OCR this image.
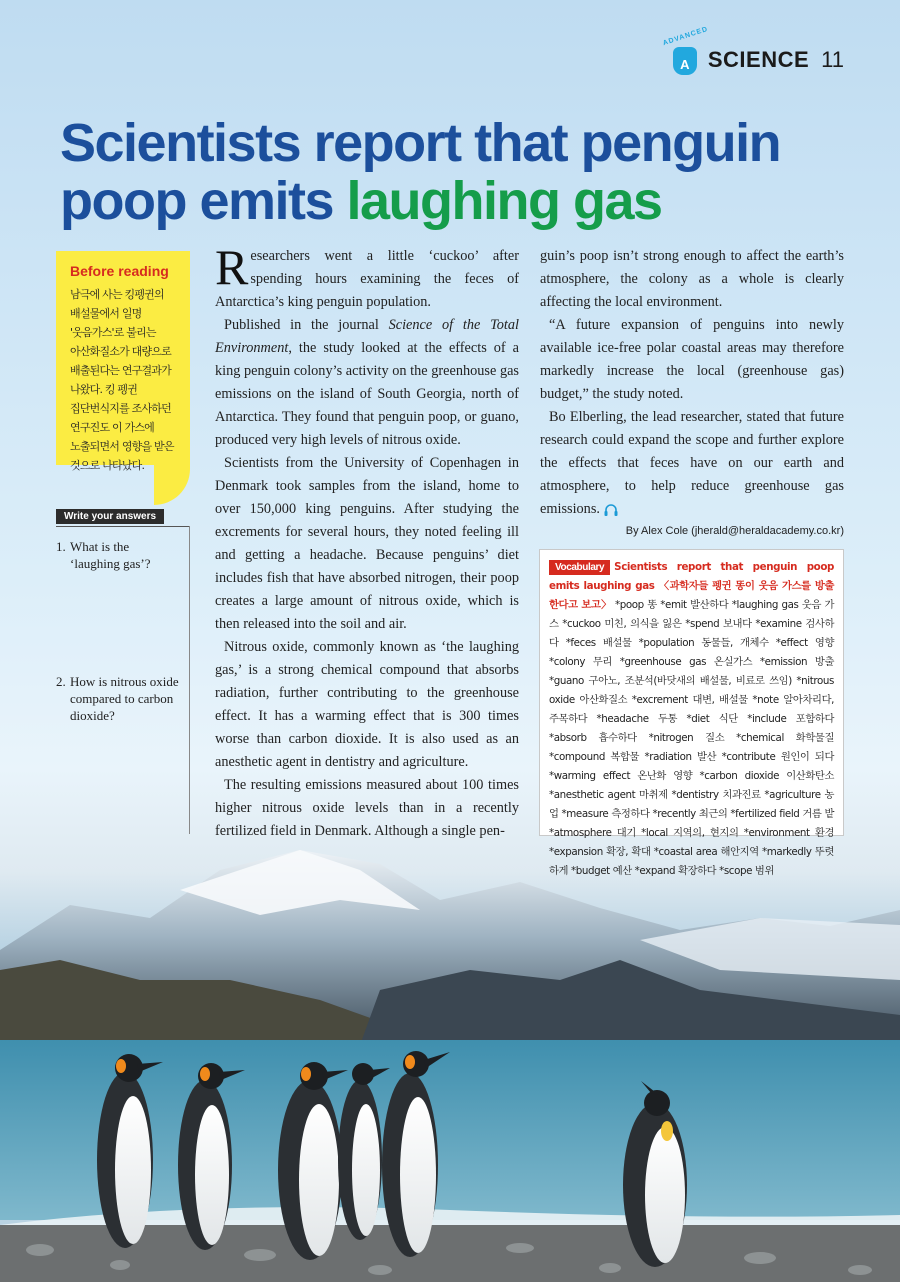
ADVANCED
A SCIENCE 11
Scientists report that penguin poop emits laughing gas
Before reading

남극에 사는 킹펭귄의
배설물에서 일명
'웃음가스'로 불리는
아산화질소가 대량으로
배출된다는 연구결과가
나왔다. 킹 펭귄
집단번식지를 조사하던
연구진도 이 가스에
노출되면서 영향을 받은
것으로 나타났다.

Write your answers
1. What is the ‘laughing gas’?
2. How is nitrous oxide compared to carbon dioxide?

Researchers went a little ‘cuckoo’ after spending hours examining the feces of Antarctica’s king penguin population.

Published in the journal Science of the Total Environment, the study looked at the effects of a king penguin colony’s activity on the greenhouse gas emissions on the island of South Georgia, north of Antarctica. They found that penguin poop, or guano, produced very high levels of nitrous oxide.

Scientists from the University of Copenhagen in Denmark took samples from the island, home to over 150,000 king penguins. After studying the excrements for several hours, they noted feeling ill and getting a headache. Because penguins’ diet includes fish that have absorbed nitrogen, their poop creates a large amount of nitrous oxide, which is then released into the soil and air.

Nitrous oxide, commonly known as ‘the laughing gas,’ is a strong chemical compound that absorbs radiation, further contributing to the greenhouse effect. It has a warming effect that is 300 times worse than carbon dioxide. It is also used as an anesthetic agent in dentistry and agriculture.

The resulting emissions measured about 100 times higher nitrous oxide levels than in a recently fertilized field in Denmark. Although a single pen-

guin’s poop isn’t strong enough to affect the earth’s atmosphere, the colony as a whole is clearly affecting the local environment.

“A future expansion of penguins into newly available ice-free polar coastal areas may therefore markedly increase the local (greenhouse gas) budget,” the study noted.

Bo Elberling, the lead researcher, stated that future research could expand the scope and further explore the effects that feces have on our earth and atmosphere, to help reduce greenhouse gas emissions.
By Alex Cole (jherald@heraldacademy.co.kr)

Vocabulary Scientists report that penguin poop emits laughing gas 〈과학자들 펭귄 똥이 웃음 가스를 방출한다고 보고〉 *poop 똥 *emit 발산하다 *laughing gas 웃음 가스 *cuckoo 미친, 의식을 잃은 *spend 보내다 *examine 검사하다 *feces 배설물 *population 동물들, 개체수 *effect 영향 *colony 무리 *greenhouse gas 온실가스 *emission 방출 *guano 구아노, 조분석(바닷새의 배설물, 비료로 쓰임) *nitrous oxide 아산화질소 *excrement 대변, 배설물 *note 알아차리다, 주목하다 *headache 두통 *diet 식단 *include 포함하다 *absorb 흡수하다 *nitrogen 질소 *chemical 화학물질 *compound 복합물 *radiation 발산 *contribute 원인이 되다 *warming effect 온난화 영향 *carbon dioxide 이산화탄소 *anesthetic agent 마취제 *dentistry 치과진료 *agriculture 농업 *measure 측정하다 *recently 최근의 *fertilized field 거름 밭 *atmosphere 대기 *local 지역의, 현지의 *environment 환경 *expansion 확장, 확대 *coastal area 해안지역 *markedly 뚜렷하게 *budget 예산 *expand 확장하다 *scope 범위
